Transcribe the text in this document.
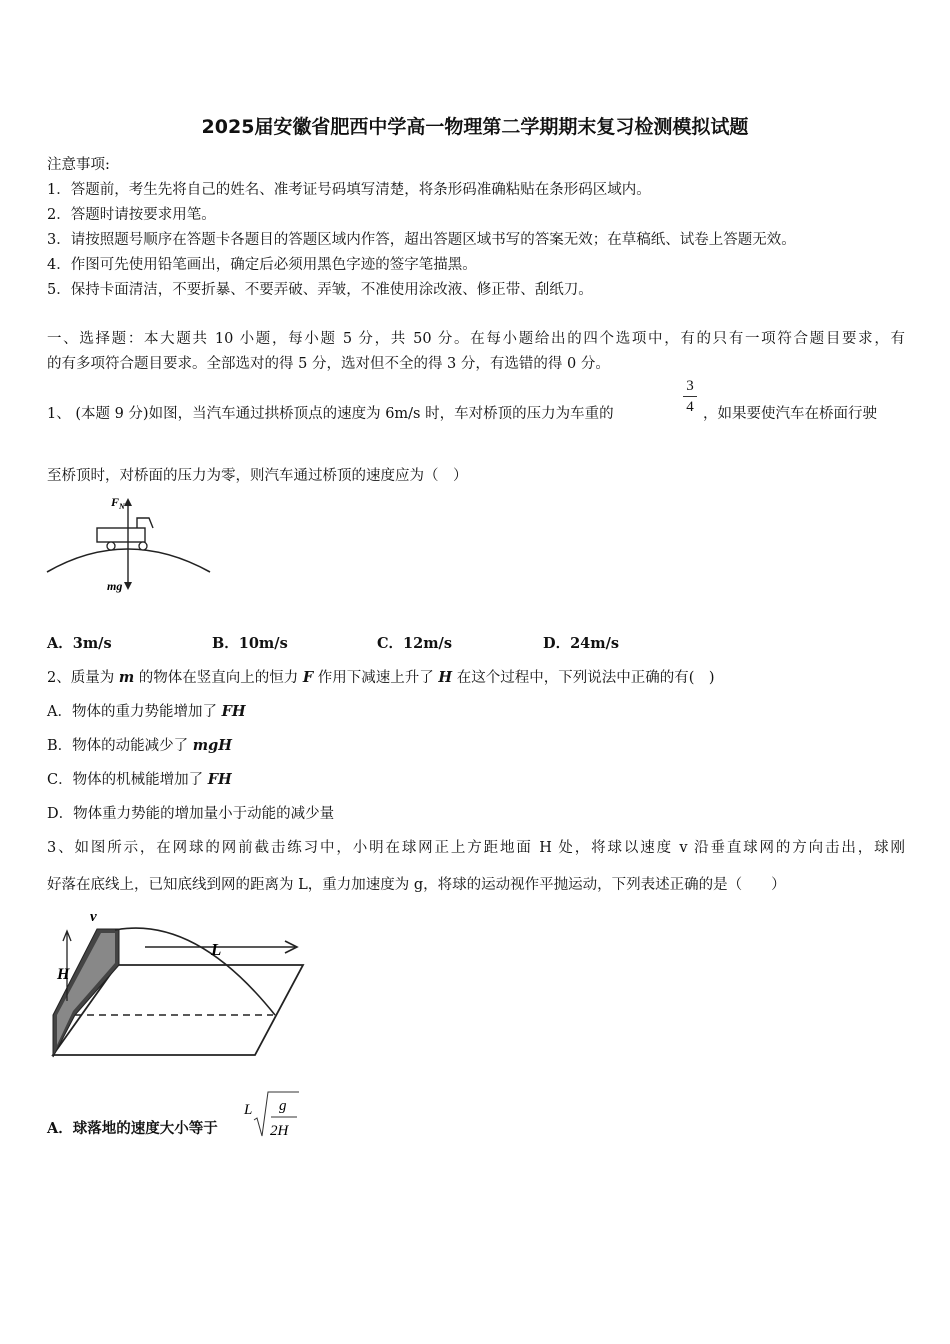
2025届安徽省肥西中学高一物理第二学期期末复习检测模拟试题
注意事项:
1．答题前，考生先将自己的姓名、准考证号码填写清楚，将条形码准确粘贴在条形码区域内。
2．答题时请按要求用笔。
3．请按照题号顺序在答题卡各题目的答题区域内作答，超出答题区域书写的答案无效；在草稿纸、试卷上答题无效。
4．作图可先使用铅笔画出，确定后必须用黑色字迹的签字笔描黑。
5．保持卡面清洁，不要折暴、不要弄破、弄皱，不准使用涂改液、修正带、刮纸刀。
一、选择题：本大题共 10 小题，每小题 5 分，共 50 分。在每小题给出的四个选项中，有的只有一项符合题目要求，有
的有多项符合题目要求。全部选对的得 5 分，选对但不全的得 3 分，有选错的得 0 分。
1、 (本题 9 分)如图，当汽车通过拱桥顶点的速度为 6m/s 时，车对桥顶的压力为车重的
3
4 ，如果要使汽车在桥面行驶
至桥顶时，对桥面的压力为零，则汽车通过桥顶的速度应为（　）
$F_N$
mg
A．3m/s	B．10m/s	C．12m/s	D．24m/s
2、质量为 m 的物体在竖直向上的恒力 F 作用下减速上升了 H 在这个过程中，下列说法中正确的有(　)
A．物体的重力势能增加了 FH
B．物体的动能减少了 mgH
C．物体的机械能增加了 FH
D．物体重力势能的增加量小于动能的减少量
3、如图所示，在网球的网前截击练习中，小明在球网正上方距地面 H 处，将球以速度 v 沿垂直球网的方向击出，球刚
好落在底线上，已知底线到网的距离为 L，重力加速度为 g，将球的运动视作平抛运动，下列表述正确的是（　　）
v
H
L
A．球落地的速度大小等于
L g
2H
